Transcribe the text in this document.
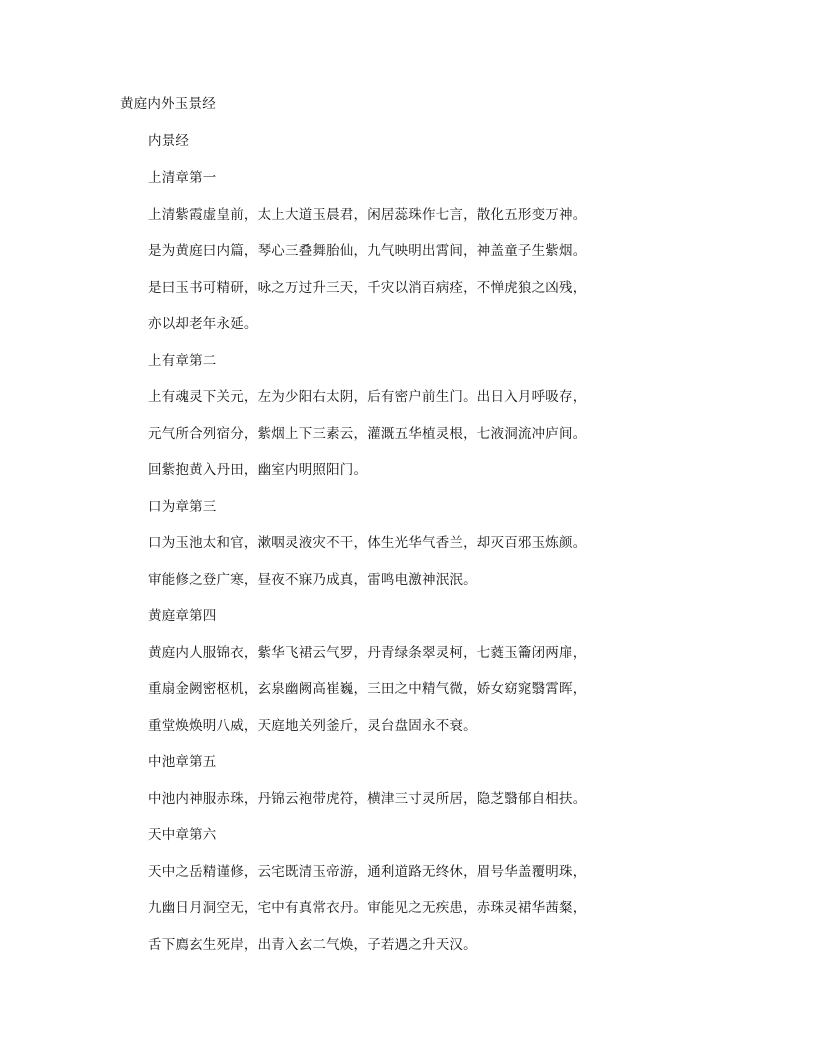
黄庭内外玉景经
内景经
上清章第一
上清紫霞虚皇前，太上大道玉晨君，闲居蕊珠作七言，散化五形变万神。
是为黄庭曰内篇，琴心三叠舞胎仙，九气映明出霄间，神盖童子生紫烟。
是曰玉书可精研，咏之万过升三天，千灾以消百病痊，不惮虎狼之凶残，
亦以却老年永延。
上有章第二
上有魂灵下关元，左为少阳右太阴，后有密户前生门。出日入月呼吸存，
元气所合列宿分，紫烟上下三素云，灌溉五华植灵根，七液洞流冲庐间。
回紫抱黄入丹田，幽室内明照阳门。
口为章第三
口为玉池太和官，漱咽灵液灾不干，体生光华气香兰，却灭百邪玉炼颜。
审能修之登广寒，昼夜不寐乃成真，雷鸣电激神泯泯。
黄庭章第四
黄庭内人服锦衣，紫华飞裙云气罗，丹青绿条翠灵柯，七蕤玉籥闭两扉，
重扇金阙密枢机，玄泉幽阙高崔巍，三田之中精气微，娇女窈窕翳霄晖，
重堂焕焕明八威，天庭地关列釜斤，灵台盘固永不衰。
中池章第五
中池内神服赤珠，丹锦云袍带虎符，横津三寸灵所居，隐芝翳郁自相扶。
天中章第六
天中之岳精谨修，云宅既清玉帝游，通利道路无终休，眉号华盖覆明珠，
九幽日月洞空无，宅中有真常衣丹。审能见之无疾患，赤珠灵裙华茜粲，
舌下廌玄生死岸，出青入玄二气焕，子若遇之升天汉。
